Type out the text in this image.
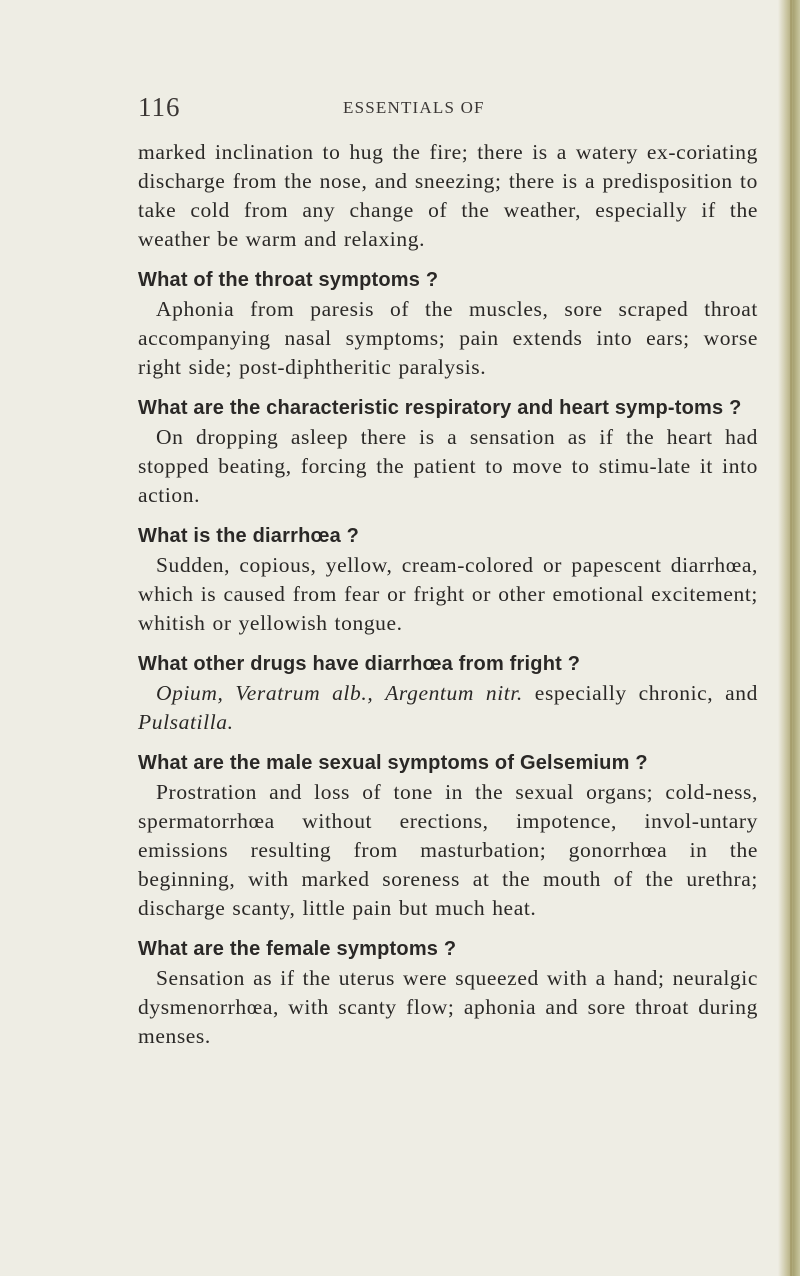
116	ESSENTIALS OF

marked inclination to hug the fire; there is a watery ex-coriating discharge from the nose, and sneezing; there is a predisposition to take cold from any change of the weather, especially if the weather be warm and relaxing.

What of the throat symptoms ?

Aphonia from paresis of the muscles, sore scraped throat accompanying nasal symptoms; pain extends into ears; worse right side; post-diphtheritic paralysis.

What are the characteristic respiratory and heart symp-toms ?

On dropping asleep there is a sensation as if the heart had stopped beating, forcing the patient to move to stimu-late it into action.

What is the diarrhœa ?

Sudden, copious, yellow, cream-colored or papescent diarrhœa, which is caused from fear or fright or other emotional excitement; whitish or yellowish tongue.

What other drugs have diarrhœa from fright ?

Opium, Veratrum alb., Argentum nitr. especially chronic, and Pulsatilla.

What are the male sexual symptoms of Gelsemium ?

Prostration and loss of tone in the sexual organs; cold-ness, spermatorrhœa without erections, impotence, invol-untary emissions resulting from masturbation; gonorrhœa in the beginning, with marked soreness at the mouth of the urethra; discharge scanty, little pain but much heat.

What are the female symptoms ?

Sensation as if the uterus were squeezed with a hand; neuralgic dysmenorrhœa, with scanty flow; aphonia and sore throat during menses.
